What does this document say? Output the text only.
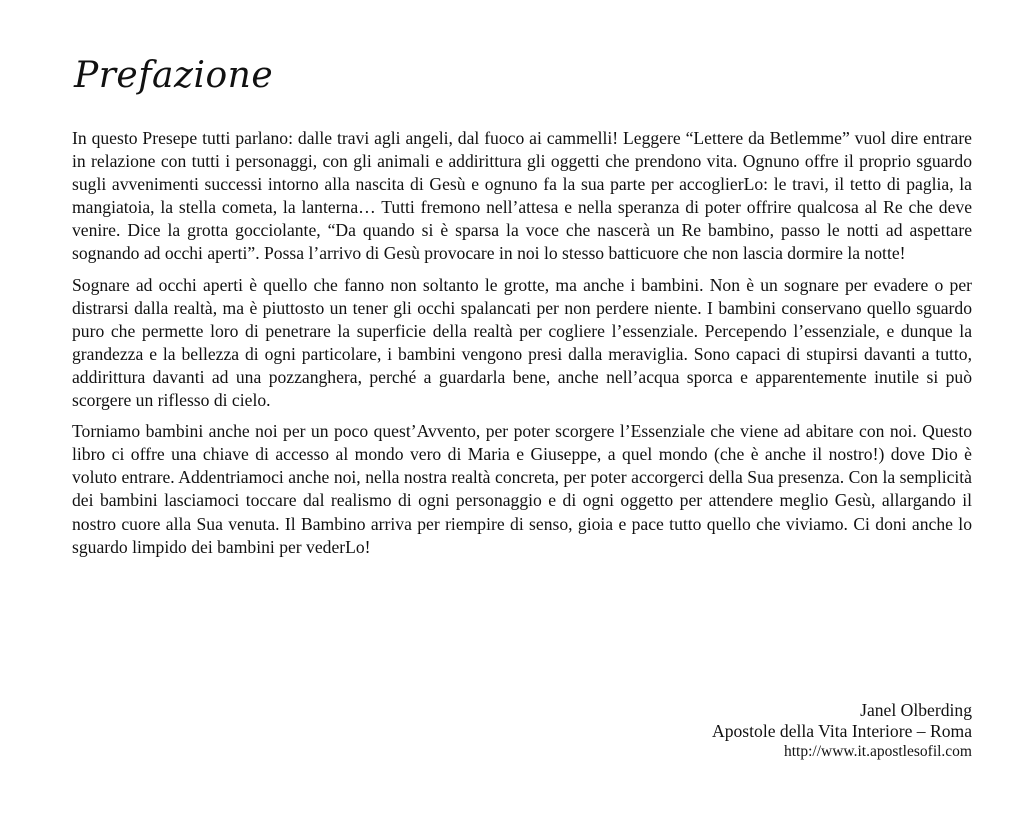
Prefazione

In questo Presepe tutti parlano: dalle travi agli angeli, dal fuoco ai cammelli! Leggere “Lettere da Betlemme” vuol dire entrare in relazione con tutti i personaggi, con gli animali e addirittura gli oggetti che prendono vita. Ognuno offre il proprio sguardo sugli avvenimenti successi intorno alla nascita di Gesù e ognuno fa la sua parte per accoglierLo: le travi, il tetto di paglia, la mangiatoia, la stella cometa, la lanterna… Tutti fremono nell’attesa e nella speranza di poter offrire qualcosa al Re che deve venire. Dice la grotta gocciolante, “Da quando si è sparsa la voce che nascerà un Re bambino, passo le notti ad aspettare sognando ad occhi aperti”. Possa l’arrivo di Gesù provocare in noi lo stesso batticuore che non lascia dormire la notte!

Sognare ad occhi aperti è quello che fanno non soltanto le grotte, ma anche i bambini. Non è un sognare per evadere o per distrarsi dalla realtà, ma è piuttosto un tener gli occhi spalancati per non perdere niente. I bambini conservano quello sguardo puro che permette loro di penetrare la superficie della realtà per cogliere l’essenziale. Percependo l’essenziale, e dunque la grandezza e la bellezza di ogni particolare, i bambini vengono presi dalla meraviglia. Sono capaci di stupirsi davanti a tutto, addirittura davanti ad una pozzanghera, perché a guardarla bene, anche nell’acqua sporca e apparentemente inutile si può scorgere un riflesso di cielo.

Torniamo bambini anche noi per un poco quest’Avvento, per poter scorgere l’Essenziale che viene ad abitare con noi. Questo libro ci offre una chiave di accesso al mondo vero di Maria e Giuseppe, a quel mondo (che è anche il nostro!) dove Dio è voluto entrare. Addentriamoci anche noi, nella nostra realtà concreta, per poter accorgerci della Sua presenza. Con la semplicità dei bambini lasciamoci toccare dal realismo di ogni personaggio e di ogni oggetto per attendere meglio Gesù, allargando il nostro cuore alla Sua venuta. Il Bambino arriva per riempire di senso, gioia e pace tutto quello che viviamo. Ci doni anche lo sguardo limpido dei bambini per vederLo!

Janel Olberding
Apostole della Vita Interiore – Roma
http://www.it.apostlesofil.com
